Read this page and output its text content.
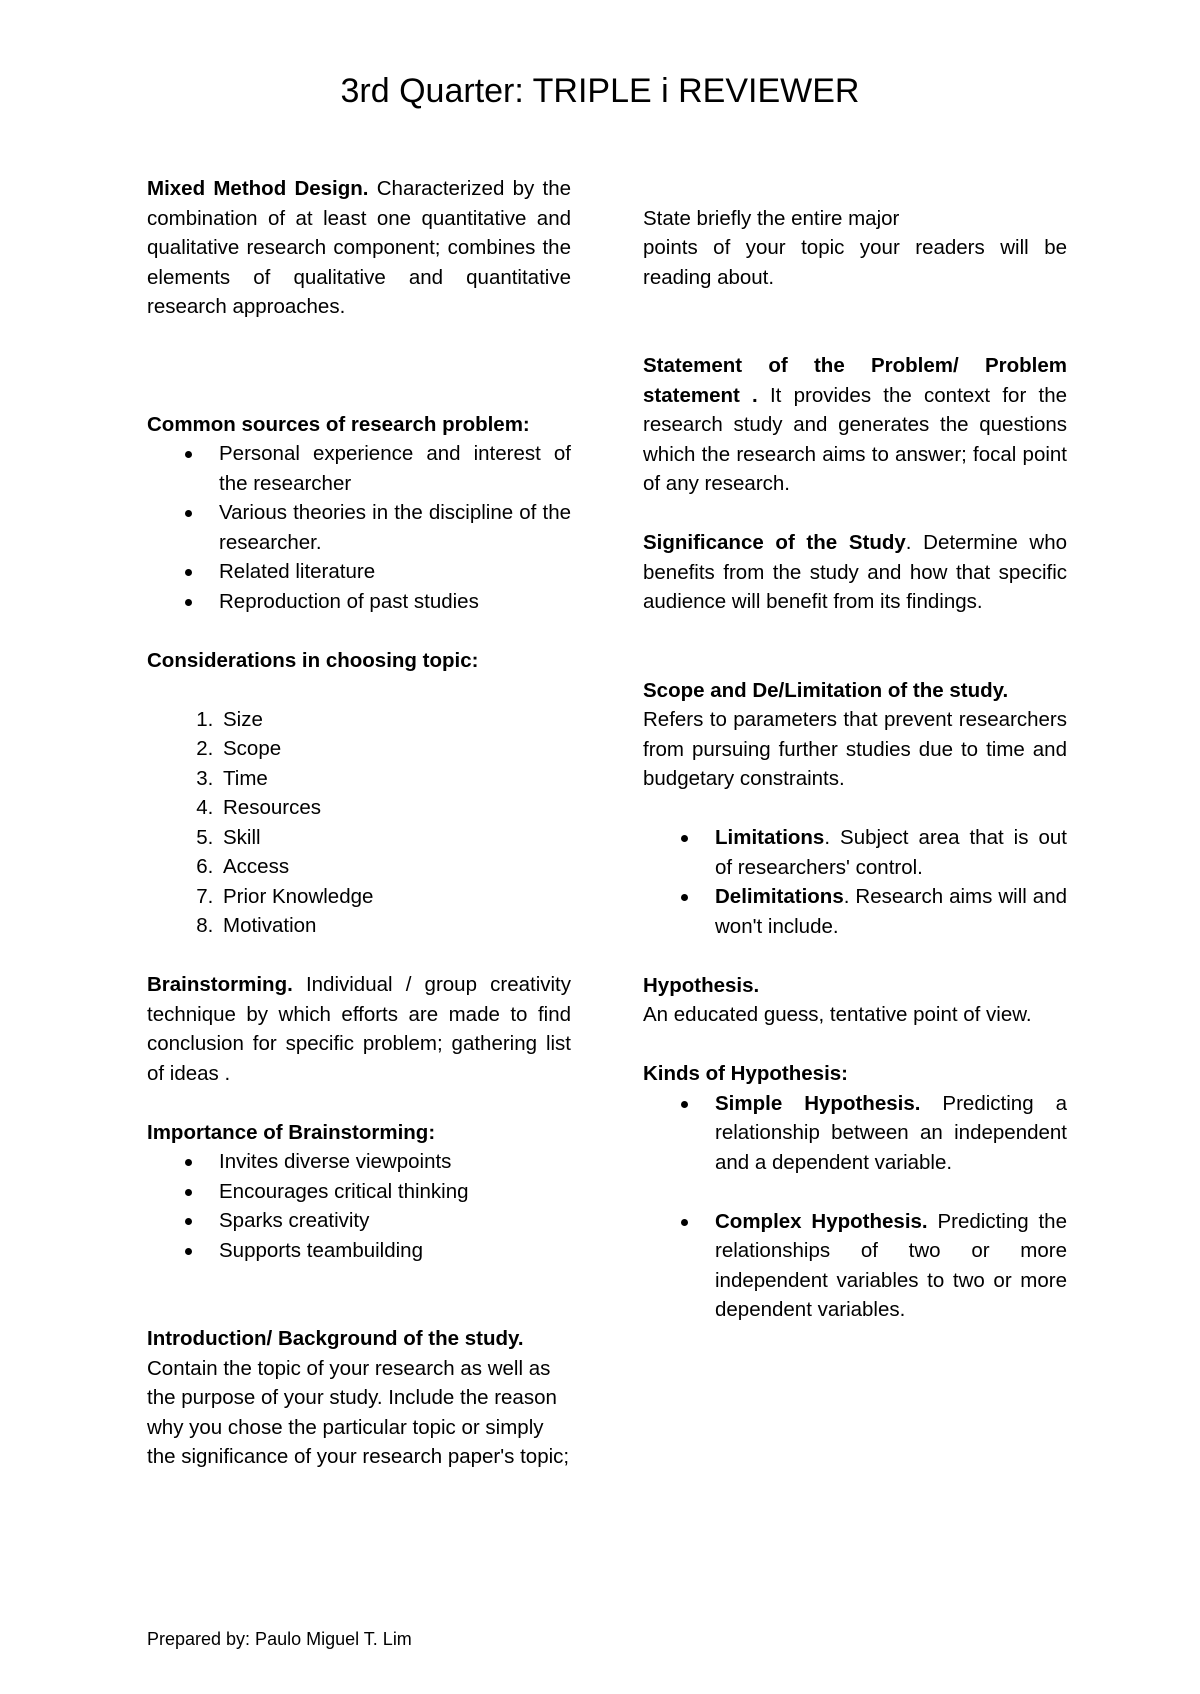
3rd Quarter: TRIPLE i REVIEWER

Mixed Method Design. Characterized by the combination of at least one quantitative and qualitative research component; combines the elements of qualitative and quantitative research approaches.

Common sources of research problem:

Personal experience and interest of the researcher
Various theories in the discipline of the researcher.
Related literature
Reproduction of past studies

Considerations in choosing topic:

1. Size
2. Scope
3. Time
4. Resources
5. Skill
6. Access
7. Prior Knowledge
8. Motivation

Brainstorming. Individual / group creativity technique by which efforts are made to find conclusion for specific problem; gathering list of ideas .

Importance of Brainstorming:

Invites diverse viewpoints
Encourages critical thinking
Sparks creativity
Supports teambuilding

Introduction/ Background of the study.

Contain the topic of your research as well as the purpose of your study. Include the reason why you chose the particular topic or simply the significance of your research paper's topic;

State briefly the entire major

points of your topic your readers will be reading about.

Statement of the Problem/ Problem statement . It provides the context for the research study and generates the questions which the research aims to answer; focal point of any research.

Significance of the Study. Determine who benefits from the study and how that specific audience will benefit from its findings.

Scope and De/Limitation of the study.

Refers to parameters that prevent researchers from pursuing further studies due to time and budgetary constraints.

Limitations. Subject area that is out of researchers' control.
Delimitations. Research aims will and won't include.

Hypothesis.

An educated guess, tentative point of view.

Kinds of Hypothesis:

Simple Hypothesis. Predicting a relationship between an independent and a dependent variable.
Complex Hypothesis. Predicting the relationships of two or more independent variables to two or more dependent variables.
Prepared by: Paulo Miguel T. Lim
